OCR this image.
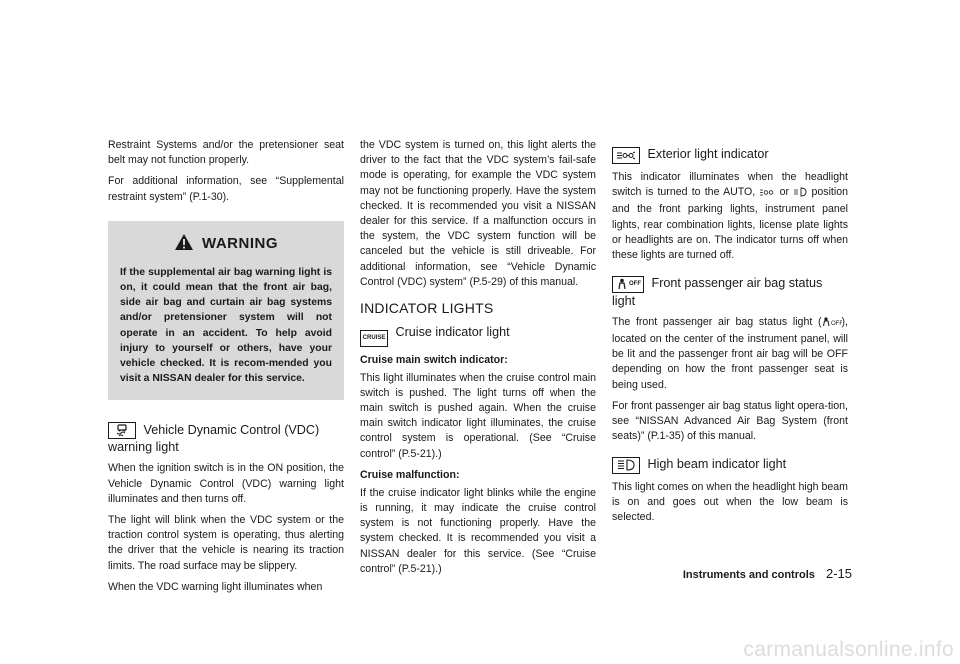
Restraint Systems and/or the pretensioner seat belt may not function properly.

For additional information, see “Supplemental restraint system” (P.1-30).

WARNING
If the supplemental air bag warning light is on, it could mean that the front air bag, side air bag and curtain air bag systems and/or pretensioner system will not operate in an accident. To help avoid injury to yourself or others, have your vehicle checked. It is recom-mended you visit a NISSAN dealer for this service.
Vehicle Dynamic Control (VDC) warning light

When the ignition switch is in the ON position, the Vehicle Dynamic Control (VDC) warning light illuminates and then turns off.

The light will blink when the VDC system or the traction control system is operating, thus alerting the driver that the vehicle is nearing its traction limits. The road surface may be slippery.

When the VDC warning light illuminates when

the VDC system is turned on, this light alerts the driver to the fact that the VDC system’s fail-safe mode is operating, for example the VDC system may not be functioning properly. Have the system checked. It is recommended you visit a NISSAN dealer for this service. If a malfunction occurs in the system, the VDC system function will be canceled but the vehicle is still driveable. For additional information, see “Vehicle Dynamic Control (VDC) system” (P.5-29) of this manual.

INDICATOR LIGHTS
CRUISE Cruise indicator light
Cruise main switch indicator:

This light illuminates when the cruise control main switch is pushed. The light turns off when the main switch is pushed again. When the cruise main switch indicator light illuminates, the cruise control system is operational. (See “Cruise control” (P.5-21).)

Cruise malfunction:

If the cruise indicator light blinks while the engine is running, it may indicate the cruise control system is not functioning properly. Have the system checked. It is recommended you visit a NISSAN dealer for this service. (See “Cruise control” (P.5-21).)

Exterior light indicator

This indicator illuminates when the headlight switch is turned to the AUTO, or position and the front parking lights, instrument panel lights, rear combination lights, license plate lights or headlights are on. The indicator turns off when these lights are turned off.

OFF Front passenger air bag status light

The front passenger air bag status light ( OFF ), located on the center of the instrument panel, will be lit and the passenger front air bag will be OFF depending on how the front passenger seat is being used.

For front passenger air bag status light opera-tion, see “NISSAN Advanced Air Bag System (front seats)” (P.1-35) of this manual.

High beam indicator light

This light comes on when the headlight high beam is on and goes out when the low beam is selected.

Instruments and controls 2-15
carmanualsonline.info
